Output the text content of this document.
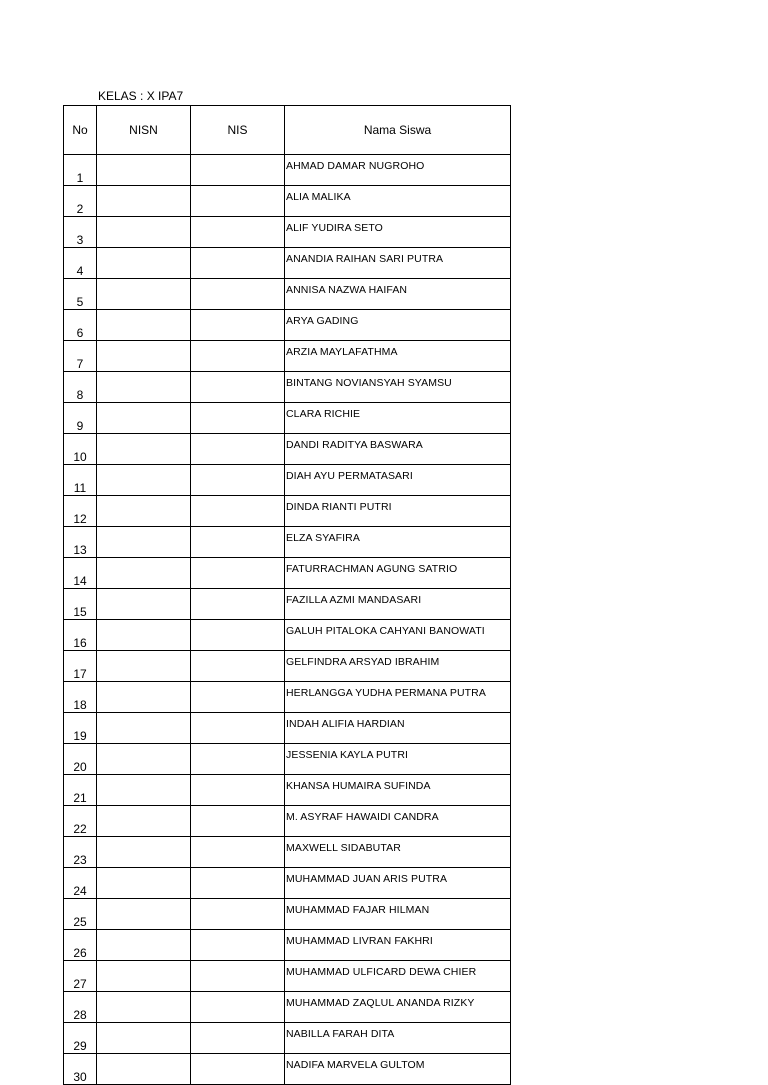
KELAS : X IPA7
No	NISN	NIS	Nama Siswa
1			AHMAD DAMAR NUGROHO
2			ALIA MALIKA
3			ALIF YUDIRA SETO
4			ANANDIA RAIHAN SARI PUTRA
5			ANNISA NAZWA HAIFAN
6			ARYA GADING
7			ARZIA MAYLAFATHMA
8			BINTANG NOVIANSYAH SYAMSU
9			CLARA RICHIE
10			DANDI RADITYA BASWARA
11			DIAH AYU PERMATASARI
12			DINDA RIANTI PUTRI
13			ELZA SYAFIRA
14			FATURRACHMAN AGUNG SATRIO
15			FAZILLA AZMI MANDASARI
16			GALUH PITALOKA CAHYANI BANOWATI
17			GELFINDRA ARSYAD IBRAHIM
18			HERLANGGA YUDHA PERMANA PUTRA
19			INDAH ALIFIA HARDIAN
20			JESSENIA KAYLA PUTRI
21			KHANSA HUMAIRA SUFINDA
22			M. ASYRAF HAWAIDI CANDRA
23			MAXWELL SIDABUTAR
24			MUHAMMAD JUAN ARIS PUTRA
25			MUHAMMAD FAJAR HILMAN
26			MUHAMMAD LIVRAN FAKHRI
27			MUHAMMAD ULFICARD DEWA CHIER
28			MUHAMMAD ZAQLUL ANANDA RIZKY
29			NABILLA FARAH DITA
30			NADIFA MARVELA GULTOM
